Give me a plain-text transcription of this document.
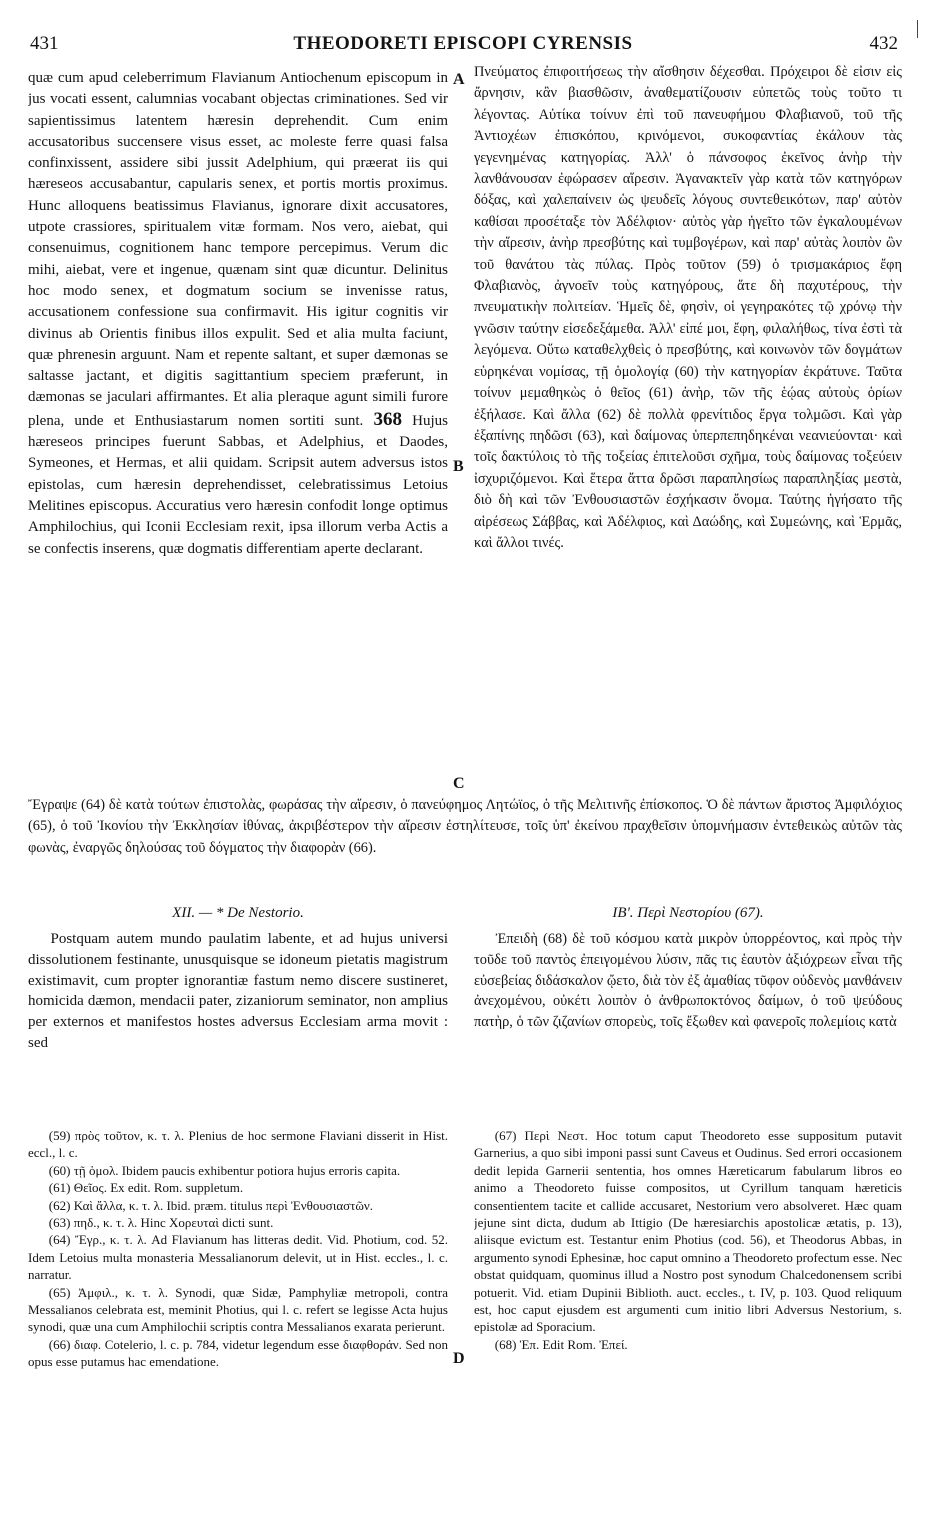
431	THEODORETI EPISCOPI CYRENSIS	432

quæ cum apud celeberrimum Flavianum Antiochenum episcopum in jus vocati essent, calumnias vocabant objectas criminationes. Sed vir sapientissimus latentem hæresin deprehendit. Cum enim accusatoribus succensere visus esset, ac moleste ferre quasi falsa confinxissent, assidere sibi jussit Adelphium, qui præerat iis qui hæreseos accusabantur, capularis senex, et portis mortis proximus. Hunc alloquens beatissimus Flavianus, ignorare dixit accusatores, utpote crassiores, spiritualem vitæ formam. Nos vero, aiebat, qui consenuimus, cognitionem hanc tempore percepimus. Verum dic mihi, aiebat, vere et ingenue, quænam sint quæ dicuntur. Delinitus hoc modo senex, et dogmatum socium se invenisse ratus, accusationem confessione sua confirmavit. His igitur cognitis vir divinus ab Orientis finibus illos expulit. Sed et alia multa faciunt, quæ phrenesin arguunt. Nam et repente saltant, et super dæmonas se saltasse jactant, et digitis sagittantium speciem præferunt, in dæmonas se jaculari affirmantes. Et alia pleraque agunt simili furore plena, unde et Enthusiastarum nomen sortiti sunt. 368 Hujus hæreseos principes fuerunt Sabbas, et Adelphius, et Daodes, Symeones, et Hermas, et alii quidam. Scripsit autem adversus istos epistolas, cum hæresin deprehendisset, celebratissimus Letoius Melitines episcopus. Accuratius vero hæresin confodit longe optimus Amphilochius, qui Iconii Ecclesiam rexit, ipsa illorum verba Actis a se confectis inserens, quæ dogmatis differentiam aperte declarant.

A
B
C
D

Πνεύματος ἐπιφοιτήσεως τὴν αἴσθησιν δέχεσθαι. Πρόχειροι δὲ εἰσιν εἰς ἄρνησιν, κἂν βιασθῶσιν, ἀναθεματίζουσιν εὐπετῶς τοὺς τοῦτο τι λέγοντας. Αὐτίκα τοίνυν ἐπὶ τοῦ πανευφήμου Φλαβιανοῦ, τοῦ τῆς Ἀντιοχέων ἐπισκόπου, κρινόμενοι, συκοφαντίας ἐκάλουν τὰς γεγενημένας κατηγορίας. Ἀλλ' ὁ πάνσοφος ἐκεῖνος ἀνὴρ τὴν λανθάνουσαν ἐφώρασεν αἵρεσιν. Ἀγανακτεῖν γὰρ κατὰ τῶν κατηγόρων δόξας, καὶ χαλεπαίνειν ὡς ψευδεῖς λόγους συντεθεικότων, παρ' αὐτὸν καθίσαι προσέταξε τὸν Ἀδέλφιον· αὐτὸς γὰρ ἡγεῖτο τῶν ἐγκαλουμένων τὴν αἵρεσιν, ἀνὴρ πρεσβύτης καὶ τυμβογέρων, καὶ παρ' αὐτὰς λοιπὸν ὢν τοῦ θανάτου τὰς πύλας. Πρὸς τοῦτον (59) ὁ τρισμακάριος ἔφη Φλαβιανὸς, ἀγνοεῖν τοὺς κατηγόρους, ἅτε δὴ παχυτέρους, τὴν πνευματικὴν πολιτείαν. Ἡμεῖς δὲ, φησὶν, οἱ γεγηρακότες τῷ χρόνῳ τὴν γνῶσιν ταύτην εἰσεδεξάμεθα. Ἀλλ' εἰπέ μοι, ἔφη, φιλαλήθως, τίνα ἐστὶ τὰ λεγόμενα. Οὕτω καταθελχθεὶς ὁ πρεσβύτης, καὶ κοινωνὸν τῶν δογμάτων εὑρηκέναι νομίσας, τῇ ὁμολογίᾳ (60) τὴν κατηγορίαν ἐκράτυνε. Ταῦτα τοίνυν μεμαθηκὼς ὁ θεῖος (61) ἀνὴρ, τῶν τῆς ἑῴας αὐτοὺς ὁρίων ἐξήλασε. Καὶ ἄλλα (62) δὲ πολλὰ φρενίτιδος ἔργα τολμῶσι. Καὶ γὰρ ἐξαπίνης πηδῶσι (63), καὶ δαίμονας ὑπερπεπηδηκέναι νεανιεύονται· καὶ τοῖς δακτύλοις τὸ τῆς τοξείας ἐπιτελοῦσι σχῆμα, τοὺς δαίμονας τοξεύειν ἰσχυριζόμενοι. Καὶ ἕτερα ἄττα δρῶσι παραπλησίως παραπληξίας μεστὰ, διὸ δὴ καὶ τῶν Ἐνθουσιαστῶν ἐσχήκασιν ὄνομα. Ταύτης ἡγήσατο τῆς αἱρέσεως Σάββας, καὶ Ἀδέλφιος, καὶ Δαώδης, καὶ Συμεώνης, καὶ Ἑρμᾶς, καὶ ἄλλοι τινές.

Ἔγραψε (64) δὲ κατὰ τούτων ἐπιστολὰς, φωράσας τὴν αἵρεσιν, ὁ πανεύφημος Λητώϊος, ὁ τῆς Μελιτινῆς ἐπίσκοπος. Ὁ δὲ πάντων ἄριστος Ἀμφιλόχιος (65), ὁ τοῦ Ἰκονίου τὴν Ἐκκλησίαν ἰθύνας, ἀκριβέστερον τὴν αἵρεσιν ἐστηλίτευσε, τοῖς ὑπ' ἐκείνου πραχθεῖσιν ὑπομνήμασιν ἐντεθεικὼς αὐτῶν τὰς φωνὰς, ἐναργῶς δηλούσας τοῦ δόγματος τὴν διαφορὰν (66).

XII. — * De Nestorio.	ΙΒ'. Περὶ Νεστορίου (67).

Postquam autem mundo paulatim labente, et ad hujus universi dissolutionem festinante, unusquisque se idoneum pietatis magistrum existimavit, cum propter ignorantiæ fastum nemo discere sustineret, homicida dæmon, mendacii pater, zizaniorum seminator, non amplius per externos et manifestos hostes adversus Ecclesiam arma movit : sed

Ἐπειδὴ (68) δὲ τοῦ κόσμου κατὰ μικρὸν ὑπορρέοντος, καὶ πρὸς τὴν τοῦδε τοῦ παντὸς ἐπειγομένου λύσιν, πᾶς τις ἑαυτὸν ἀξιόχρεων εἶναι τῆς εὐσεβείας διδάσκαλον ᾤετο, διὰ τὸν ἐξ ἀμαθίας τῦφον οὐδενὸς μανθάνειν ἀνεχομένου, οὐκέτι λοιπὸν ὁ ἀνθρωποκτόνος δαίμων, ὁ τοῦ ψεύδους πατὴρ, ὁ τῶν ζιζανίων σπορεὺς, τοῖς ἔξωθεν καὶ φανεροῖς πολεμίοις κατὰ

(59) πρὸς τοῦτον, κ. τ. λ. Plenius de hoc sermone Flaviani disserit in Hist. eccl., l. c.

(60) τῇ ὁμολ. Ibidem paucis exhibentur potiora hujus erroris capita.

(61) Θεῖος. Ex edit. Rom. suppletum.

(62) Καὶ ἄλλα, κ. τ. λ. Ibid. præm. titulus περὶ Ἐνθουσιαστῶν.

(63) πηδ., κ. τ. λ. Hinc Χορευταὶ dicti sunt.

(64) Ἔγρ., κ. τ. λ. Ad Flavianum has litteras dedit. Vid. Photium, cod. 52. Idem Letoius multa monasteria Messalianorum delevit, ut in Hist. eccles., l. c. narratur.

(65) Ἀμφιλ., κ. τ. λ. Synodi, quæ Sidæ, Pamphyliæ metropoli, contra Messalianos celebrata est, meminit Photius, qui l. c. refert se legisse Acta hujus synodi, quæ una cum Amphilochii scriptis contra Messalianos exarata perierunt.

(66) διαφ. Cotelerio, l. c. p. 784, videtur legendum esse διαφθοράν. Sed non opus esse putamus hac emendatione.

(67) Περὶ Νεστ. Hoc totum caput Theodoreto esse suppositum putavit Garnerius, a quo sibi imponi passi sunt Caveus et Oudinus. Sed errori occasionem dedit lepida Garnerii sententia, hos omnes Hæreticarum fabularum libros eo animo a Theodoreto fuisse compositos, ut Cyrillum tanquam hæreticis consentientem tacite et callide accusaret, Nestorium vero absolveret. Hæc quam jejune sint dicta, dudum ab Ittigio (De hæresiarchis apostolicæ ætatis, p. 13), aliisque evictum est. Testantur enim Photius (cod. 56), et Theodorus Abbas, in argumento synodi Ephesinæ, hoc caput omnino a Theodoreto profectum esse. Nec obstat quidquam, quominus illud a Nostro post synodum Chalcedonensem scribi potuerit. Vid. etiam Dupinii Biblioth. auct. eccles., t. IV, p. 103. Quod reliquum est, hoc caput ejusdem est argumenti cum initio libri Adversus Nestorium, s. epistolæ ad Sporacium.

(68) Ἐπ. Edit Rom. Ἐπεί.
